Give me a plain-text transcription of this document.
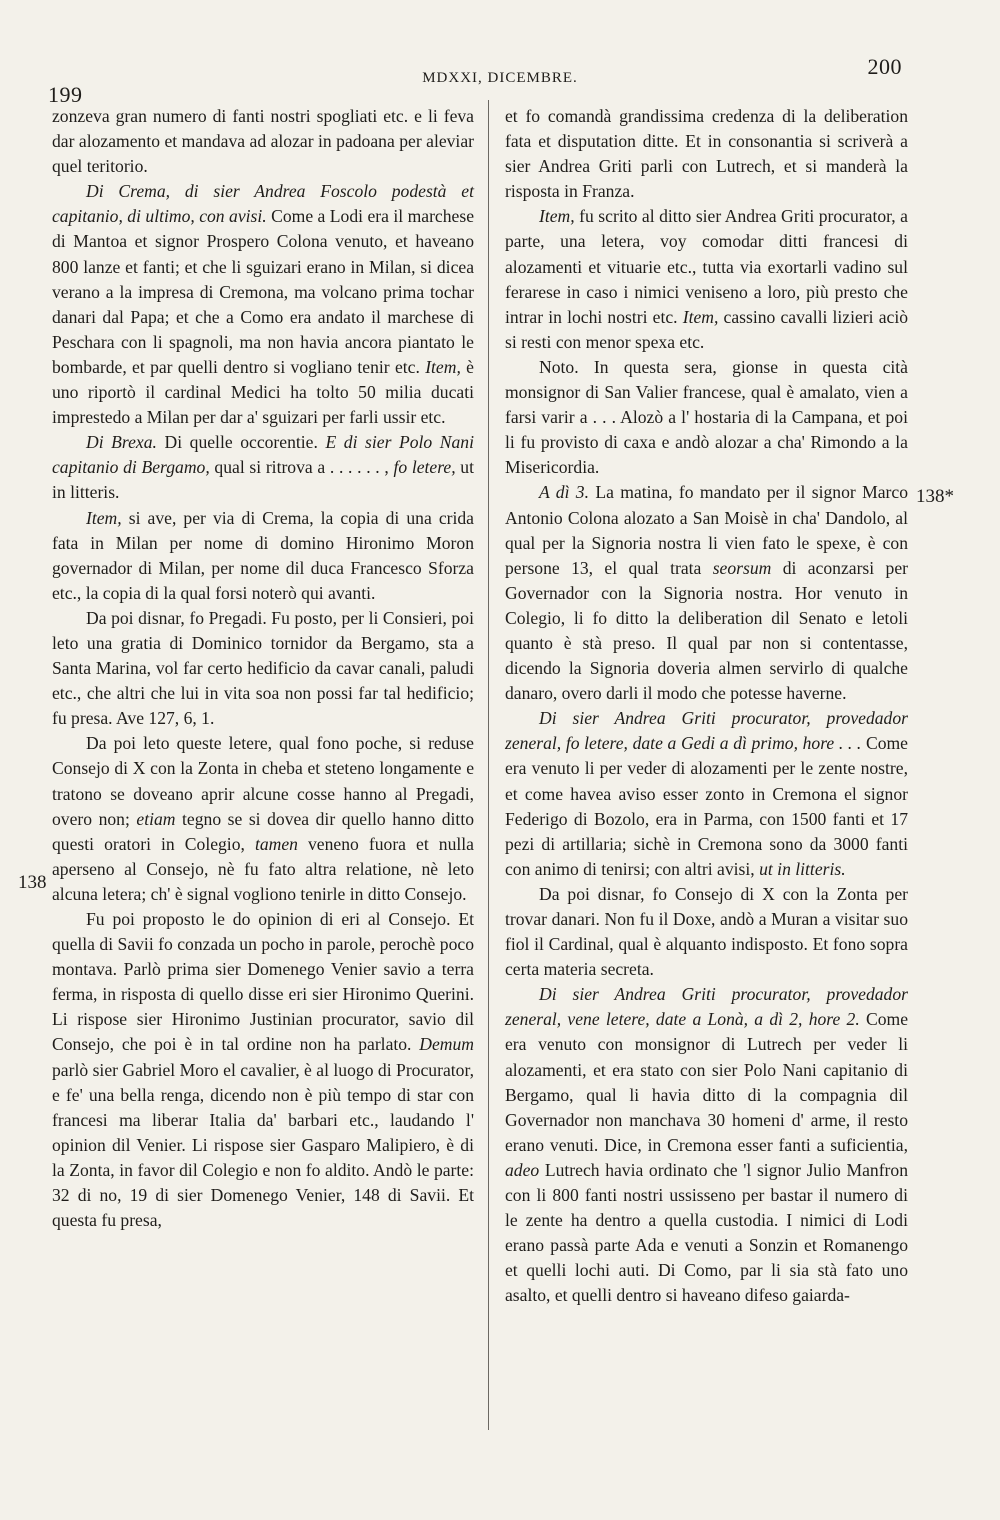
199
MDXXI, DICEMBRE.	200
138
138*

zonzeva gran numero di fanti nostri spogliati etc. e li feva dar alozamento et mandava ad alozar in padoana per aleviar quel teritorio.

Di Crema, di sier Andrea Foscolo podestà et capitanio, di ultimo, con avisi. Come a Lodi era il marchese di Mantoa et signor Prospero Colona venuto, et haveano 800 lanze et fanti; et che li sguizari erano in Milan, si dicea verano a la impresa di Cremona, ma volcano prima tochar danari dal Papa; et che a Como era andato il marchese di Peschara con li spagnoli, ma non havia ancora piantato le bombarde, et par quelli dentro si vogliano tenir etc. Item, è uno riportò il cardinal Medici ha tolto 50 milia ducati imprestedo a Milan per dar a' sguizari per farli ussir etc.

Di Brexa. Di quelle occorentie. E di sier Polo Nani capitanio di Bergamo, qual si ritrova a . . . . . . , fo letere, ut in litteris.

Item, si ave, per via di Crema, la copia di una crida fata in Milan per nome di domino Hironimo Moron governador di Milan, per nome dil duca Francesco Sforza etc., la copia di la qual forsi noterò qui avanti.

Da poi disnar, fo Pregadi. Fu posto, per li Consieri, poi leto una gratia di Dominico tornidor da Bergamo, sta a Santa Marina, vol far certo hedificio da cavar canali, paludi etc., che altri che lui in vita soa non possi far tal hedificio; fu presa. Ave 127, 6, 1.

Da poi leto queste letere, qual fono poche, si reduse Consejo di X con la Zonta in cheba et steteno longamente e tratono se doveano aprir alcune cosse hanno al Pregadi, overo non; etiam tegno se si dovea dir quello hanno ditto questi oratori in Colegio, tamen veneno fuora et nulla aperseno al Consejo, nè fu fato altra relatione, nè leto alcuna letera; ch' è signal vogliono tenirle in ditto Consejo.

Fu poi proposto le do opinion di eri al Consejo. Et quella di Savii fo conzada un pocho in parole, perochè poco montava. Parlò prima sier Domenego Venier savio a terra ferma, in risposta di quello disse eri sier Hironimo Querini. Li rispose sier Hironimo Justinian procurator, savio dil Consejo, che poi è in tal ordine non ha parlato. Demum parlò sier Gabriel Moro el cavalier, è al luogo di Procurator, e fe' una bella renga, dicendo non è più tempo di star con francesi ma liberar Italia da' barbari etc., laudando l' opinion dil Venier. Li rispose sier Gasparo Malipiero, è di la Zonta, in favor dil Colegio e non fo aldito. Andò le parte: 32 di no, 19 di sier Domenego Venier, 148 di Savii. Et questa fu presa,

et fo comandà grandissima credenza di la deliberation fata et disputation ditte. Et in consonantia si scriverà a sier Andrea Griti parli con Lutrech, et si manderà la risposta in Franza.

Item, fu scrito al ditto sier Andrea Griti procurator, a parte, una letera, voy comodar ditti francesi di alozamenti et vituarie etc., tutta via exortarli vadino sul ferarese in caso i nimici veniseno a loro, più presto che intrar in lochi nostri etc. Item, cassino cavalli lizieri aciò si resti con menor spexa etc.

Noto. In questa sera, gionse in questa cità monsignor di San Valier francese, qual è amalato, vien a farsi varir a . . . Alozò a l' hostaria di la Campana, et poi li fu provisto di caxa e andò alozar a cha' Rimondo a la Misericordia.

A dì 3. La matina, fo mandato per il signor Marco Antonio Colona alozato a San Moisè in cha' Dandolo, al qual per la Signoria nostra li vien fato le spexe, è con persone 13, el qual trata seorsum di aconzarsi per Governador con la Signoria nostra. Hor venuto in Colegio, li fo ditto la deliberation dil Senato e letoli quanto è stà preso. Il qual par non si contentasse, dicendo la Signoria doveria almen servirlo di qualche danaro, overo darli il modo che potesse haverne.

Di sier Andrea Griti procurator, provedador zeneral, fo letere, date a Gedi a dì primo, hore . . . Come era venuto li per veder di alozamenti per le zente nostre, et come havea aviso esser zonto in Cremona el signor Federigo di Bozolo, era in Parma, con 1500 fanti et 17 pezi di artillaria; sichè in Cremona sono da 3000 fanti con animo di tenirsi; con altri avisi, ut in litteris.

Da poi disnar, fo Consejo di X con la Zonta per trovar danari. Non fu il Doxe, andò a Muran a visitar suo fiol il Cardinal, qual è alquanto indisposto. Et fono sopra certa materia secreta.

Di sier Andrea Griti procurator, provedador zeneral, vene letere, date a Lonà, a dì 2, hore 2. Come era venuto con monsignor di Lutrech per veder li alozamenti, et era stato con sier Polo Nani capitanio di Bergamo, qual li havia ditto di la compagnia dil Governador non manchava 30 homeni d' arme, il resto erano venuti. Dice, in Cremona esser fanti a suficientia, adeo Lutrech havia ordinato che 'l signor Julio Manfron con li 800 fanti nostri ussisseno per bastar il numero di le zente ha dentro a quella custodia. I nimici di Lodi erano passà parte Ada e venuti a Sonzin et Romanengo et quelli lochi auti. Di Como, par li sia stà fato uno asalto, et quelli dentro si haveano difeso gaiarda-
